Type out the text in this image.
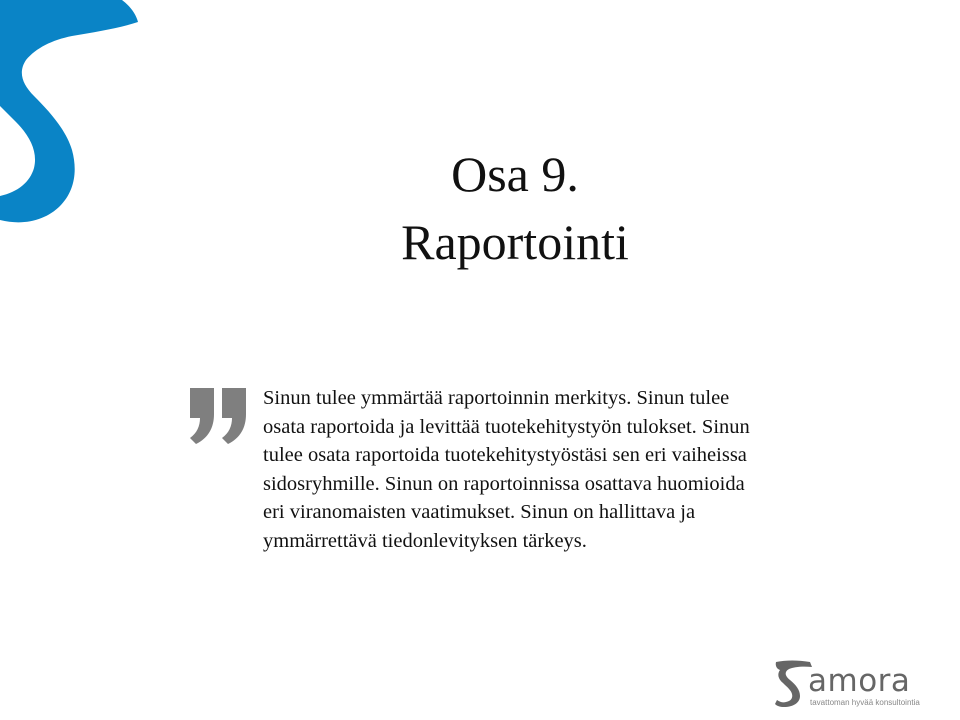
Osa 9.
Raportointi
Sinun tulee ymmärtää raportoinnin merkitys. Sinun tulee
osata raportoida ja levittää tuotekehitystyön tulokset. Sinun
tulee osata raportoida tuotekehitystyöstäsi sen eri vaiheissa
sidosryhmille. Sinun on raportoinnissa osattava huomioida
eri viranomaisten vaatimukset. Sinun on hallittava ja
ymmärrettävä tiedonlevityksen tärkeys.
amora
tavattoman hyvää konsultointia
